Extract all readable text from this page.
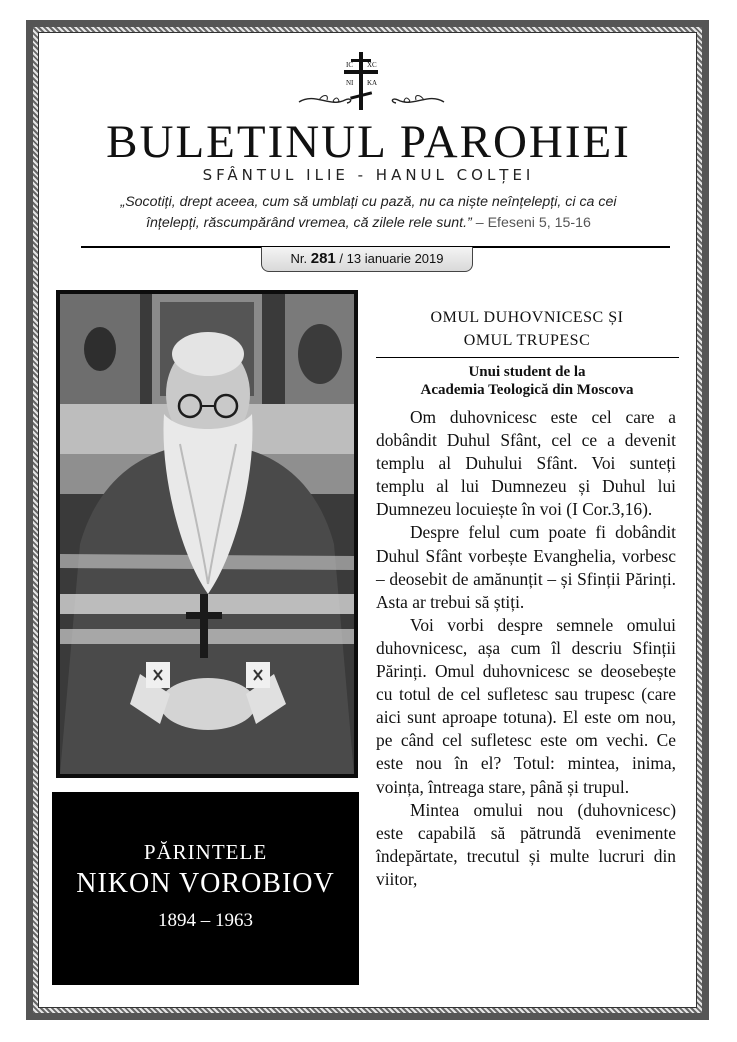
IC XC
NI KA
BULETINUL PAROHIEI
SFÂNTUL ILIE - HANUL COLȚEI
„Socotiți, drept aceea, cum să umblați cu pază, nu ca niște neînțelepți, ci ca cei
înțelepți, răscumpărând vremea, că zilele rele sunt.” – Efeseni 5, 15-16
Nr. 281 / 13 ianuarie 2019
PĂRINTELE
NIKON VOROBIOV
1894 – 1963
OMUL DUHOVNICESC ȘI
OMUL TRUPESC
Unui student de la
Academia Teologică din Moscova

Om duhovnicesc este cel care a dobândit Duhul Sfânt, cel ce a devenit templu al Duhului Sfânt. Voi sunteți templu al lui Dumnezeu și Duhul lui Dumnezeu locuiește în voi (I Cor.3,16).

Despre felul cum poate fi dobândit Duhul Sfânt vorbește Evanghelia, vorbesc – deosebit de amănunțit – și Sfinții Părinți. Asta ar trebui să știți.

Voi vorbi despre semnele omului duhovnicesc, așa cum îl descriu Sfinții Părinți. Omul duhovnicesc se deosebește cu totul de cel sufletesc sau trupesc (care aici sunt aproape totuna). El este om nou, pe când cel sufletesc este om vechi. Ce este nou în el? Totul: mintea, inima, voința, întreaga stare, până și trupul.

Mintea omului nou (duhovnicesc) este capabilă să pătrundă evenimente îndepărtate, trecutul și multe lucruri din viitor,
